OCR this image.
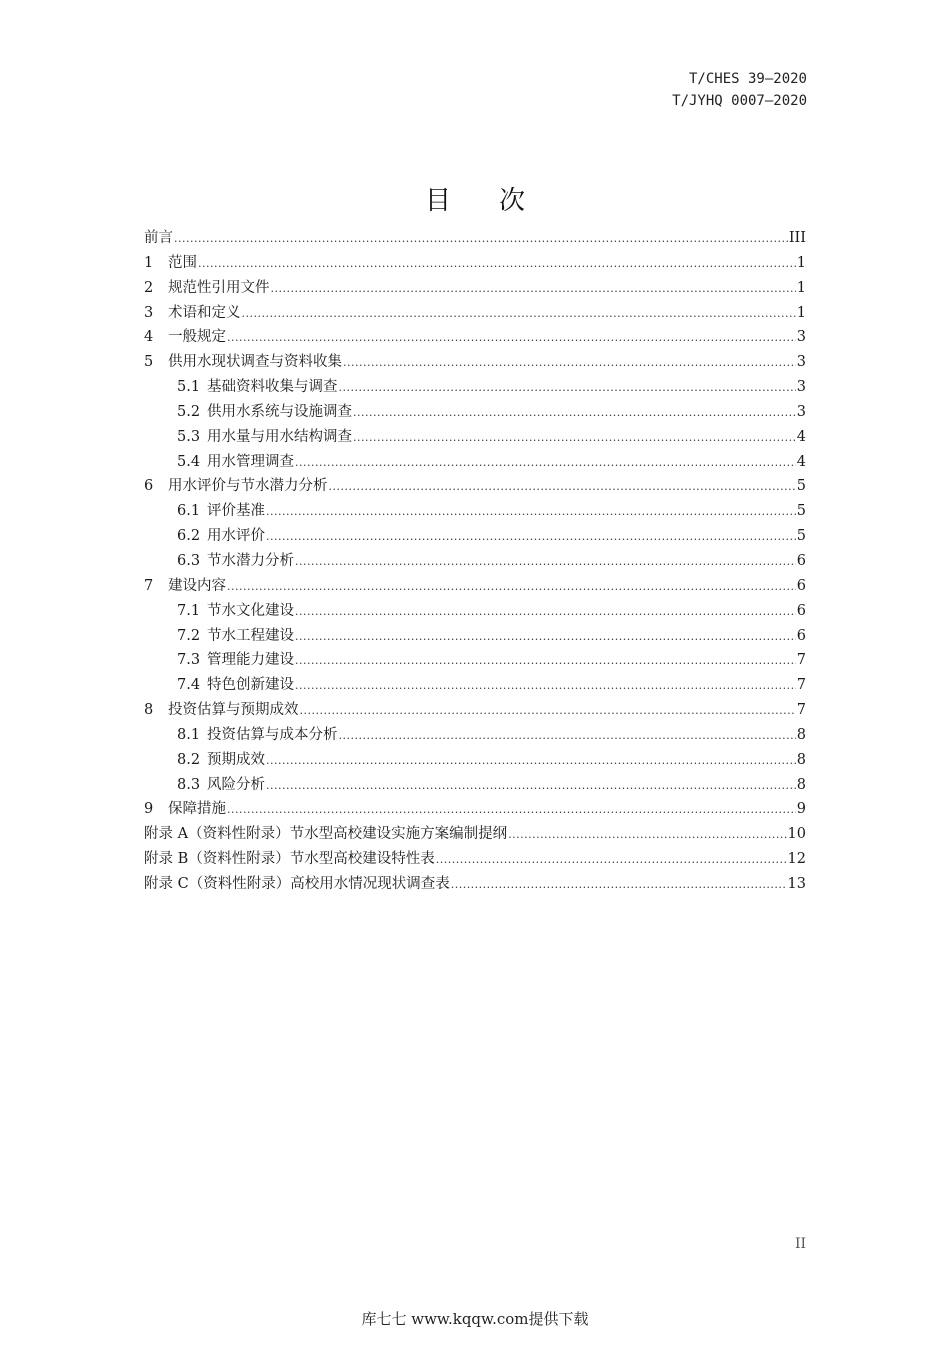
T/CHES 39—2020
T/JYHQ 0007—2020
目次
前言 .....	III
1	范围 .....	1
2	规范性引用文件 .....	1
3	术语和定义 .....	1
4	一般规定 .....	3
5	供用水现状调查与资料收集 .....	3
5.1 基础资料收集与调查 .....	3
5.2 供用水系统与设施调查 .....	3
5.3 用水量与用水结构调查 .....	4
5.4 用水管理调查 .....	4
6	用水评价与节水潜力分析 .....	5
6.1 评价基准 .....	5
6.2 用水评价 .....	5
6.3 节水潜力分析 .....	6
7	建设内容 .....	6
7.1 节水文化建设 .....	6
7.2 节水工程建设 .....	6
7.3 管理能力建设 .....	7
7.4 特色创新建设 .....	7
8	投资估算与预期成效 .....	7
8.1 投资估算与成本分析 .....	8
8.2 预期成效 .....	8
8.3 风险分析 .....	8
9	保障措施 .....	9
附录 A（资料性附录）节水型高校建设实施方案编制提纲 .....	10
附录 B（资料性附录）节水型高校建设特性表 .....	12
附录 C（资料性附录）高校用水情况现状调查表 .....	13
II
库七七 www.kqqw.com提供下载
